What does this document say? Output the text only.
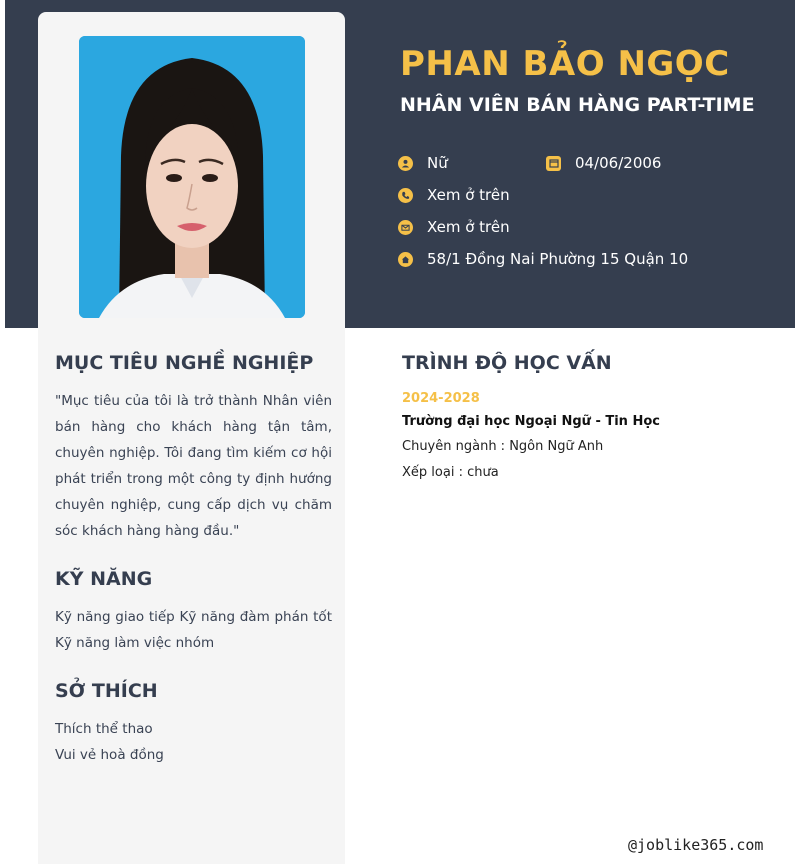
PHAN BẢO NGỌC
NHÂN VIÊN BÁN HÀNG PART-TIME
Nữ	04/06/2006
Xem ở trên
Xem ở trên
58/1 Đồng Nai Phường 15 Quận 10
MỤC TIÊU NGHỀ NGHIỆP

"Mục tiêu của tôi là trở thành Nhân viên bán hàng cho khách hàng tận tâm, chuyên nghiệp. Tôi đang tìm kiếm cơ hội phát triển trong một công ty định hướng chuyên nghiệp, cung cấp dịch vụ chăm sóc khách hàng hàng đầu."

KỸ NĂNG

Kỹ năng giao tiếp Kỹ năng đàm phán tốt Kỹ năng làm việc nhóm

SỞ THÍCH
Thích thể thao
Vui vẻ hoà đồng
TRÌNH ĐỘ HỌC VẤN
2024-2028
Trường đại học Ngoại Ngữ - Tin Học
Chuyên ngành : Ngôn Ngữ Anh
Xếp loại : chưa
@joblike365.com
